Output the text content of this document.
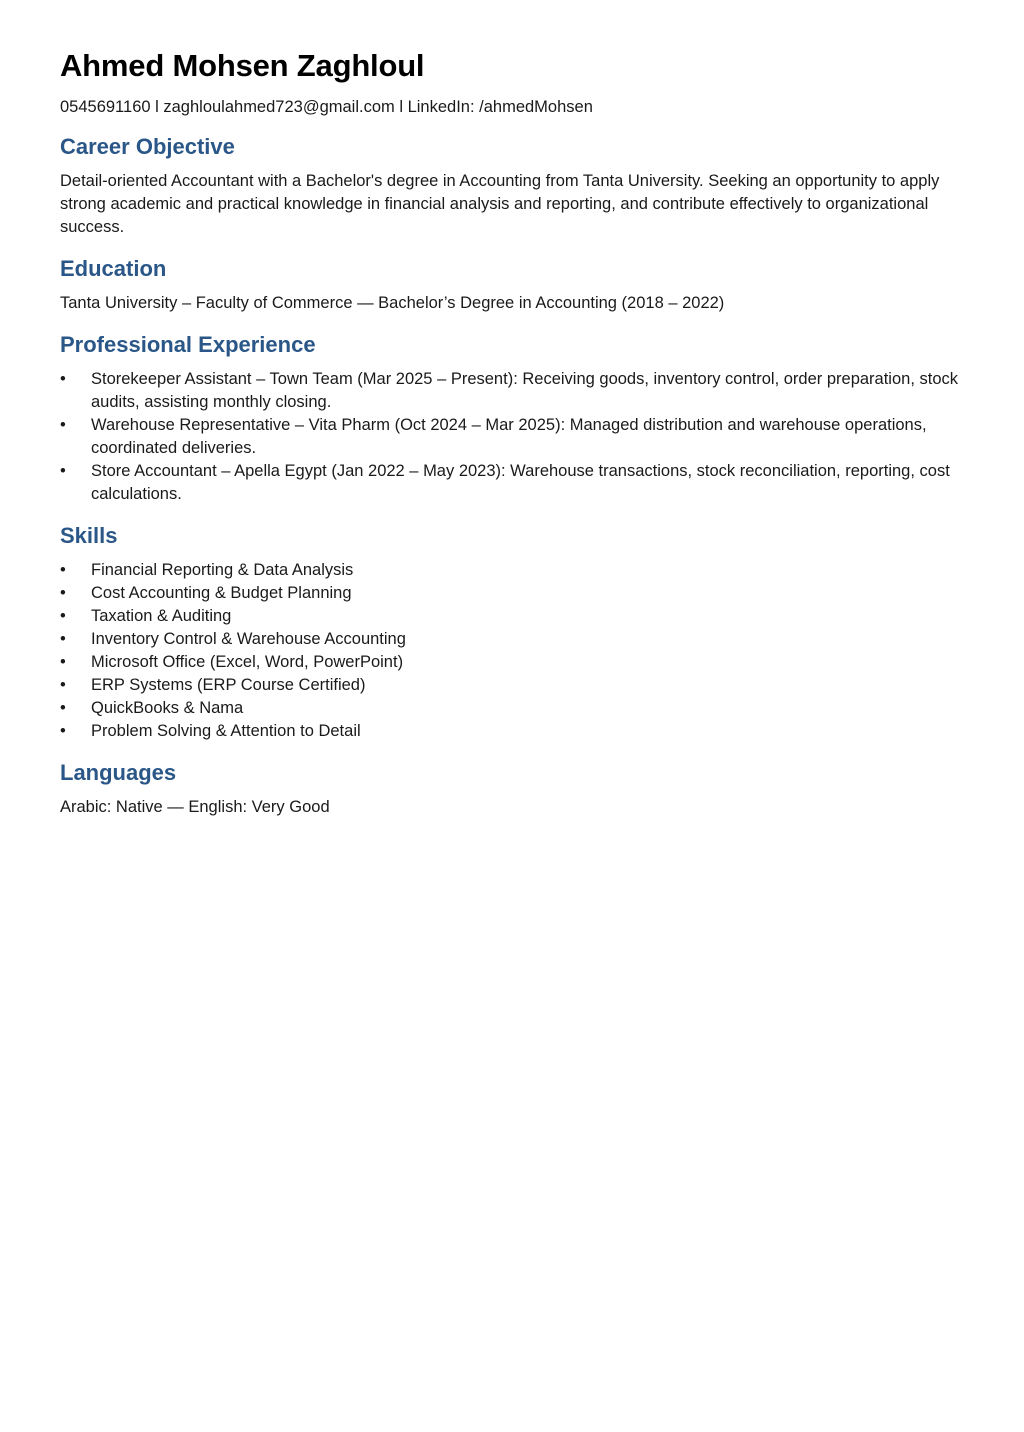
Ahmed Mohsen Zaghloul
0545691160 l zaghloulahmed723@gmail.com l LinkedIn: /ahmedMohsen
Career Objective

Detail-oriented Accountant with a Bachelor's degree in Accounting from Tanta University. Seeking an opportunity to apply strong academic and practical knowledge in financial analysis and reporting, and contribute effectively to organizational success.

Education

Tanta University – Faculty of Commerce — Bachelor’s Degree in Accounting (2018 – 2022)

Professional Experience
• Storekeeper Assistant – Town Team (Mar 2025 – Present): Receiving goods, inventory control, order preparation, stock audits, assisting monthly closing.
• Warehouse Representative – Vita Pharm (Oct 2024 – Mar 2025): Managed distribution and warehouse operations, coordinated deliveries.
• Store Accountant – Apella Egypt (Jan 2022 – May 2023): Warehouse transactions, stock reconciliation, reporting, cost calculations.
Skills
• Financial Reporting & Data Analysis
• Cost Accounting & Budget Planning
• Taxation & Auditing
• Inventory Control & Warehouse Accounting
• Microsoft Office (Excel, Word, PowerPoint)
• ERP Systems (ERP Course Certified)
• QuickBooks & Nama
• Problem Solving & Attention to Detail
Languages

Arabic: Native — English: Very Good
